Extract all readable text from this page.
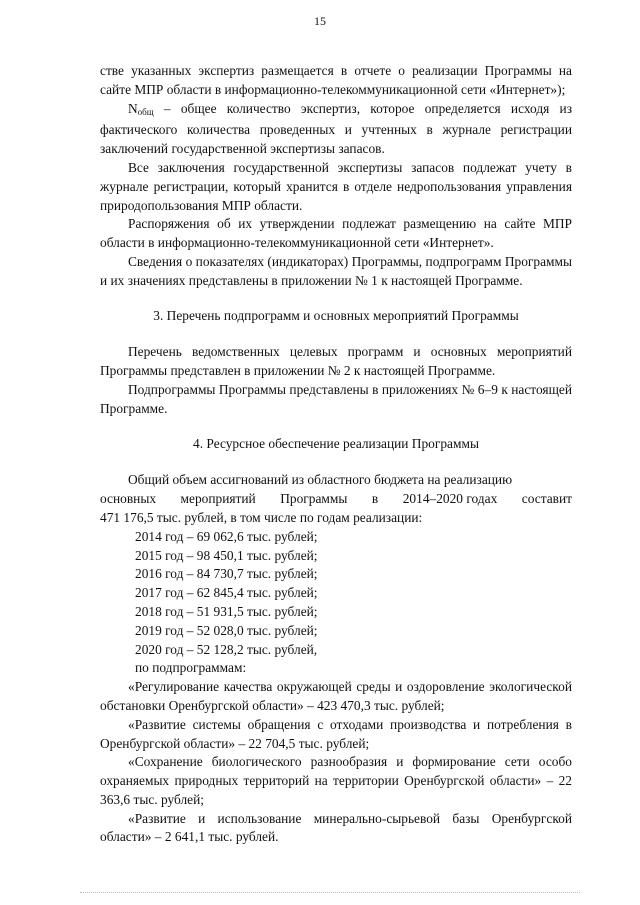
15

стве указанных экспертиз размещается в отчете о реализации Программы на сайте МПР области в информационно-телекоммуникационной сети «Интернет»);

$N_{общ}$ – общее количество экспертиз, которое определяется исходя из фактического количества проведенных и учтенных в журнале регистрации заключений государственной экспертизы запасов.

Все заключения государственной экспертизы запасов подлежат учету в журнале регистрации, который хранится в отделе недропользования управления природопользования МПР области.

Распоряжения об их утверждении подлежат размещению на сайте МПР области в информационно-телекоммуникационной сети «Интернет».

Сведения о показателях (индикаторах) Программы, подпрограмм Программы и их значениях представлены в приложении № 1 к настоящей Программе.

3. Перечень подпрограмм и основных мероприятий Программы

Перечень ведомственных целевых программ и основных мероприятий Программы представлен в приложении № 2 к настоящей Программе.

Подпрограммы Программы представлены в приложениях № 6–9 к настоящей Программе.

4. Ресурсное обеспечение реализации Программы

Общий объем ассигнований из областного бюджета на реализацию

основных мероприятий Программы в 2014–2020 годах составит

471 176,5 тыс. рублей, в том числе по годам реализации:

2014 год – 69 062,6 тыс. рублей;
2015 год – 98 450,1 тыс. рублей;
2016 год – 84 730,7 тыс. рублей;
2017 год – 62 845,4 тыс. рублей;
2018 год – 51 931,5 тыс. рублей;
2019 год – 52 028,0 тыс. рублей;
2020 год – 52 128,2 тыс. рублей,
по подпрограммам:

«Регулирование качества окружающей среды и оздоровление экологической обстановки Оренбургской области» – 423 470,3 тыс. рублей;

«Развитие системы обращения с отходами производства и потребления в Оренбургской области» – 22 704,5 тыс. рублей;

«Сохранение биологического разнообразия и формирование сети особо охраняемых природных территорий на территории Оренбургской области» – 22 363,6 тыс. рублей;

«Развитие и использование минерально-сырьевой базы Оренбургской области» – 2 641,1 тыс. рублей.
